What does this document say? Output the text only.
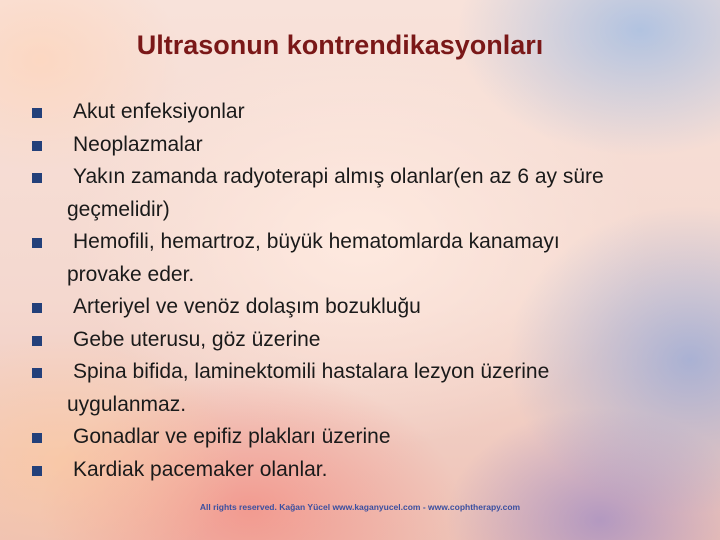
Ultrasonun kontrendikasyonları
Akut enfeksiyonlar
Neoplazmalar
Yakın zamanda radyoterapi almış olanlar(en az 6 ay süre
geçmelidir)
Hemofili, hemartroz, büyük hematomlarda kanamayı
provake eder.
Arteriyel ve venöz dolaşım bozukluğu
Gebe uterusu, göz üzerine
Spina bifida, laminektomili hastalara lezyon üzerine
uygulanmaz.
Gonadlar ve epifiz plakları üzerine
Kardiak pacemaker olanlar.
All rights reserved. Kağan Yücel www.kaganyucel.com - www.cophtherapy.com
